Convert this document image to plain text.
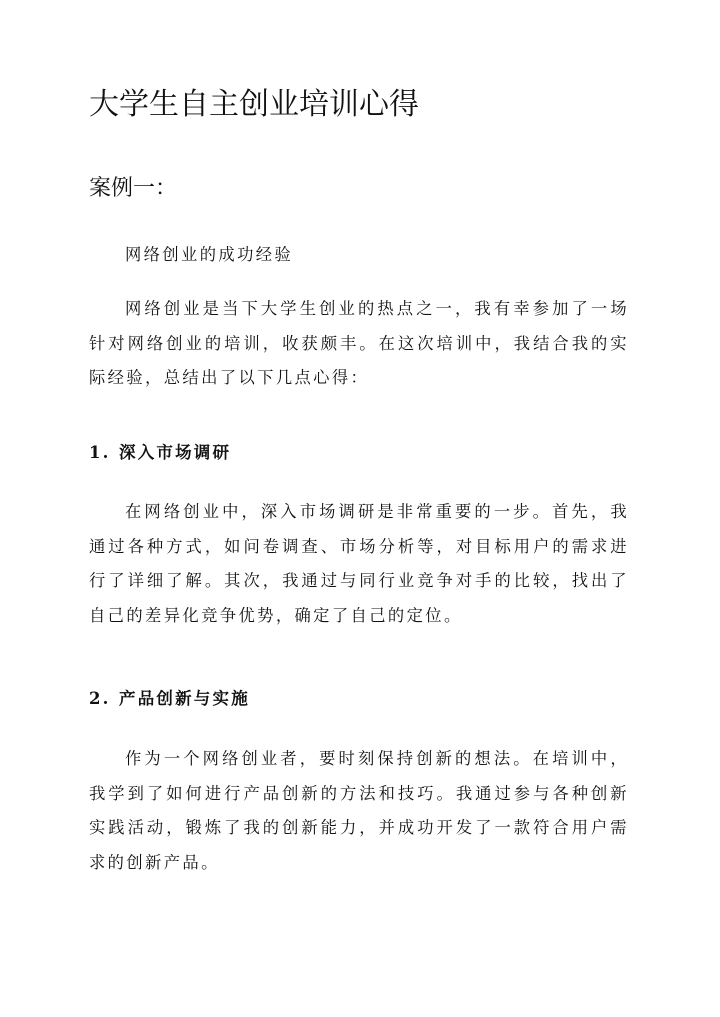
大学生自主创业培训心得
案例一：
网络创业的成功经验

网络创业是当下大学生创业的热点之一，我有幸参加了一场针对网络创业的培训，收获颇丰。在这次培训中，我结合我的实际经验，总结出了以下几点心得：

1. 深入市场调研

在网络创业中，深入市场调研是非常重要的一步。首先，我通过各种方式，如问卷调查、市场分析等，对目标用户的需求进行了详细了解。其次，我通过与同行业竞争对手的比较，找出了自己的差异化竞争优势，确定了自己的定位。

2. 产品创新与实施

作为一个网络创业者，要时刻保持创新的想法。在培训中，我学到了如何进行产品创新的方法和技巧。我通过参与各种创新实践活动，锻炼了我的创新能力，并成功开发了一款符合用户需求的创新产品。
